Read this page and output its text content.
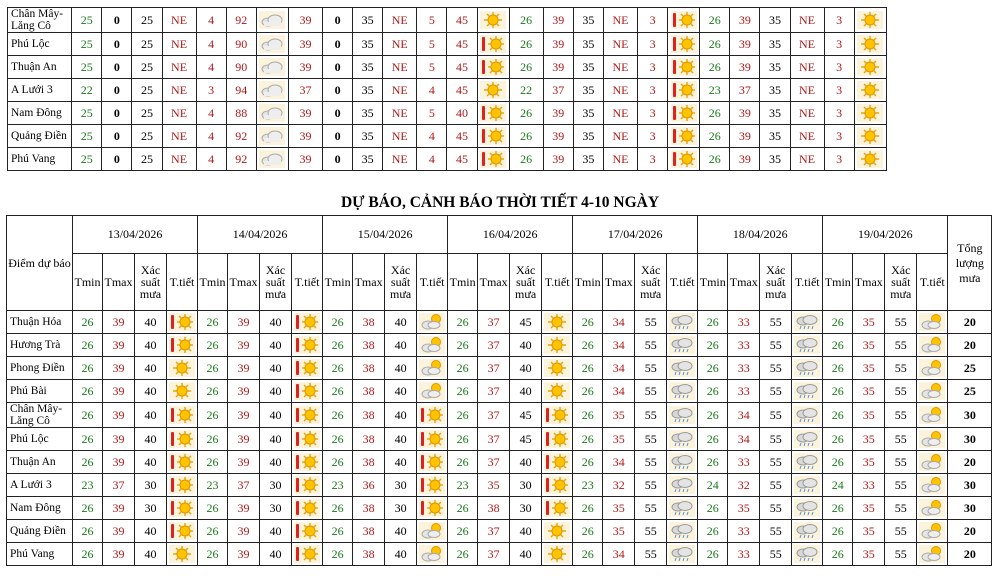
Chân Mây-Lăng Cô	25	0	25	NE	4	92		39	0	35	NE	5	45		26	39	35	NE	3		26	39	35	NE	3	

Phú Lộc	25	0	25	NE	4	90		39	0	35	NE	5	45		26	39	35	NE	3		26	39	35	NE	3	

Thuận An	25	0	25	NE	4	90		39	0	35	NE	5	45		26	39	35	NE	3		26	39	35	NE	3	

A Lưới 3	22	0	25	NE	3	94		37	0	35	NE	4	45		22	37	35	NE	3		23	37	35	NE	3	

Nam Đông	25	0	25	NE	4	88		39	0	35	NE	5	40		26	39	35	NE	3		26	39	35	NE	3	

Quảng Điền	25	0	25	NE	4	92		39	0	35	NE	4	45		26	39	35	NE	3		26	39	35	NE	3	

Phú Vang	25	0	25	NE	4	92		39	0	35	NE	4	45		26	39	35	NE	3		26	39	35	NE	3	
DỰ BÁO, CẢNH BÁO THỜI TIẾT 4-10 NGÀY
Điểm dự báo	13/04/2026				14/04/2026				15/04/2026				16/04/2026				17/04/2026				18/04/2026				19/04/2026				Tổng lượng mưa
	Tmin	Tmax	Xác suất mưa	T.tiết	Tmin	Tmax	Xác suất mưa	T.tiết	Tmin	Tmax	Xác suất mưa	T.tiết	Tmin	Tmax	Xác suất mưa	T.tiết	Tmin	Tmax	Xác suất mưa	T.tiết	Tmin	Tmax	Xác suất mưa	T.tiết	Tmin	Tmax	Xác suất mưa	T.tiết	
Thuận Hóa	26	39	40		26	39	40		26	38	40		26	37	45		26	34	55		26	33	55		26	35	55		20
Hương Trà	26	39	40		26	39	40		26	38	40		26	37	40		26	34	55		26	33	55		26	35	55		20
Phong Điền	26	39	40		26	39	40		26	38	40		26	37	40		26	34	55		26	33	55		26	35	55		25
Phú Bài	26	39	40		26	39	40		26	38	40		26	37	40		26	34	55		26	33	55		26	35	55		25
Chân Mây-Lăng Cô	26	39	40		26	39	40		26	38	40		26	37	45		26	35	55		26	34	55		26	35	55		30
Phú Lộc	26	39	40		26	39	40		26	38	40		26	37	45		26	35	55		26	34	55		26	35	55		30
Thuận An	26	39	40		26	39	40		26	38	40		26	37	40		26	34	55		26	33	55		26	35	55		20
A Lưới 3	23	37	30		23	37	30		23	36	30		23	35	30		23	32	55		24	32	55		24	33	55		30
Nam Đông	26	39	30		26	39	30		26	38	30		26	38	30		26	35	55		26	35	55		26	35	55		30
Quảng Điền	26	39	40		26	39	40		26	38	40		26	37	40		26	35	55		26	33	55		26	35	55		20
Phú Vang	26	39	40		26	39	40		26	38	40		26	37	40		26	34	55		26	33	55		26	35	55		20
